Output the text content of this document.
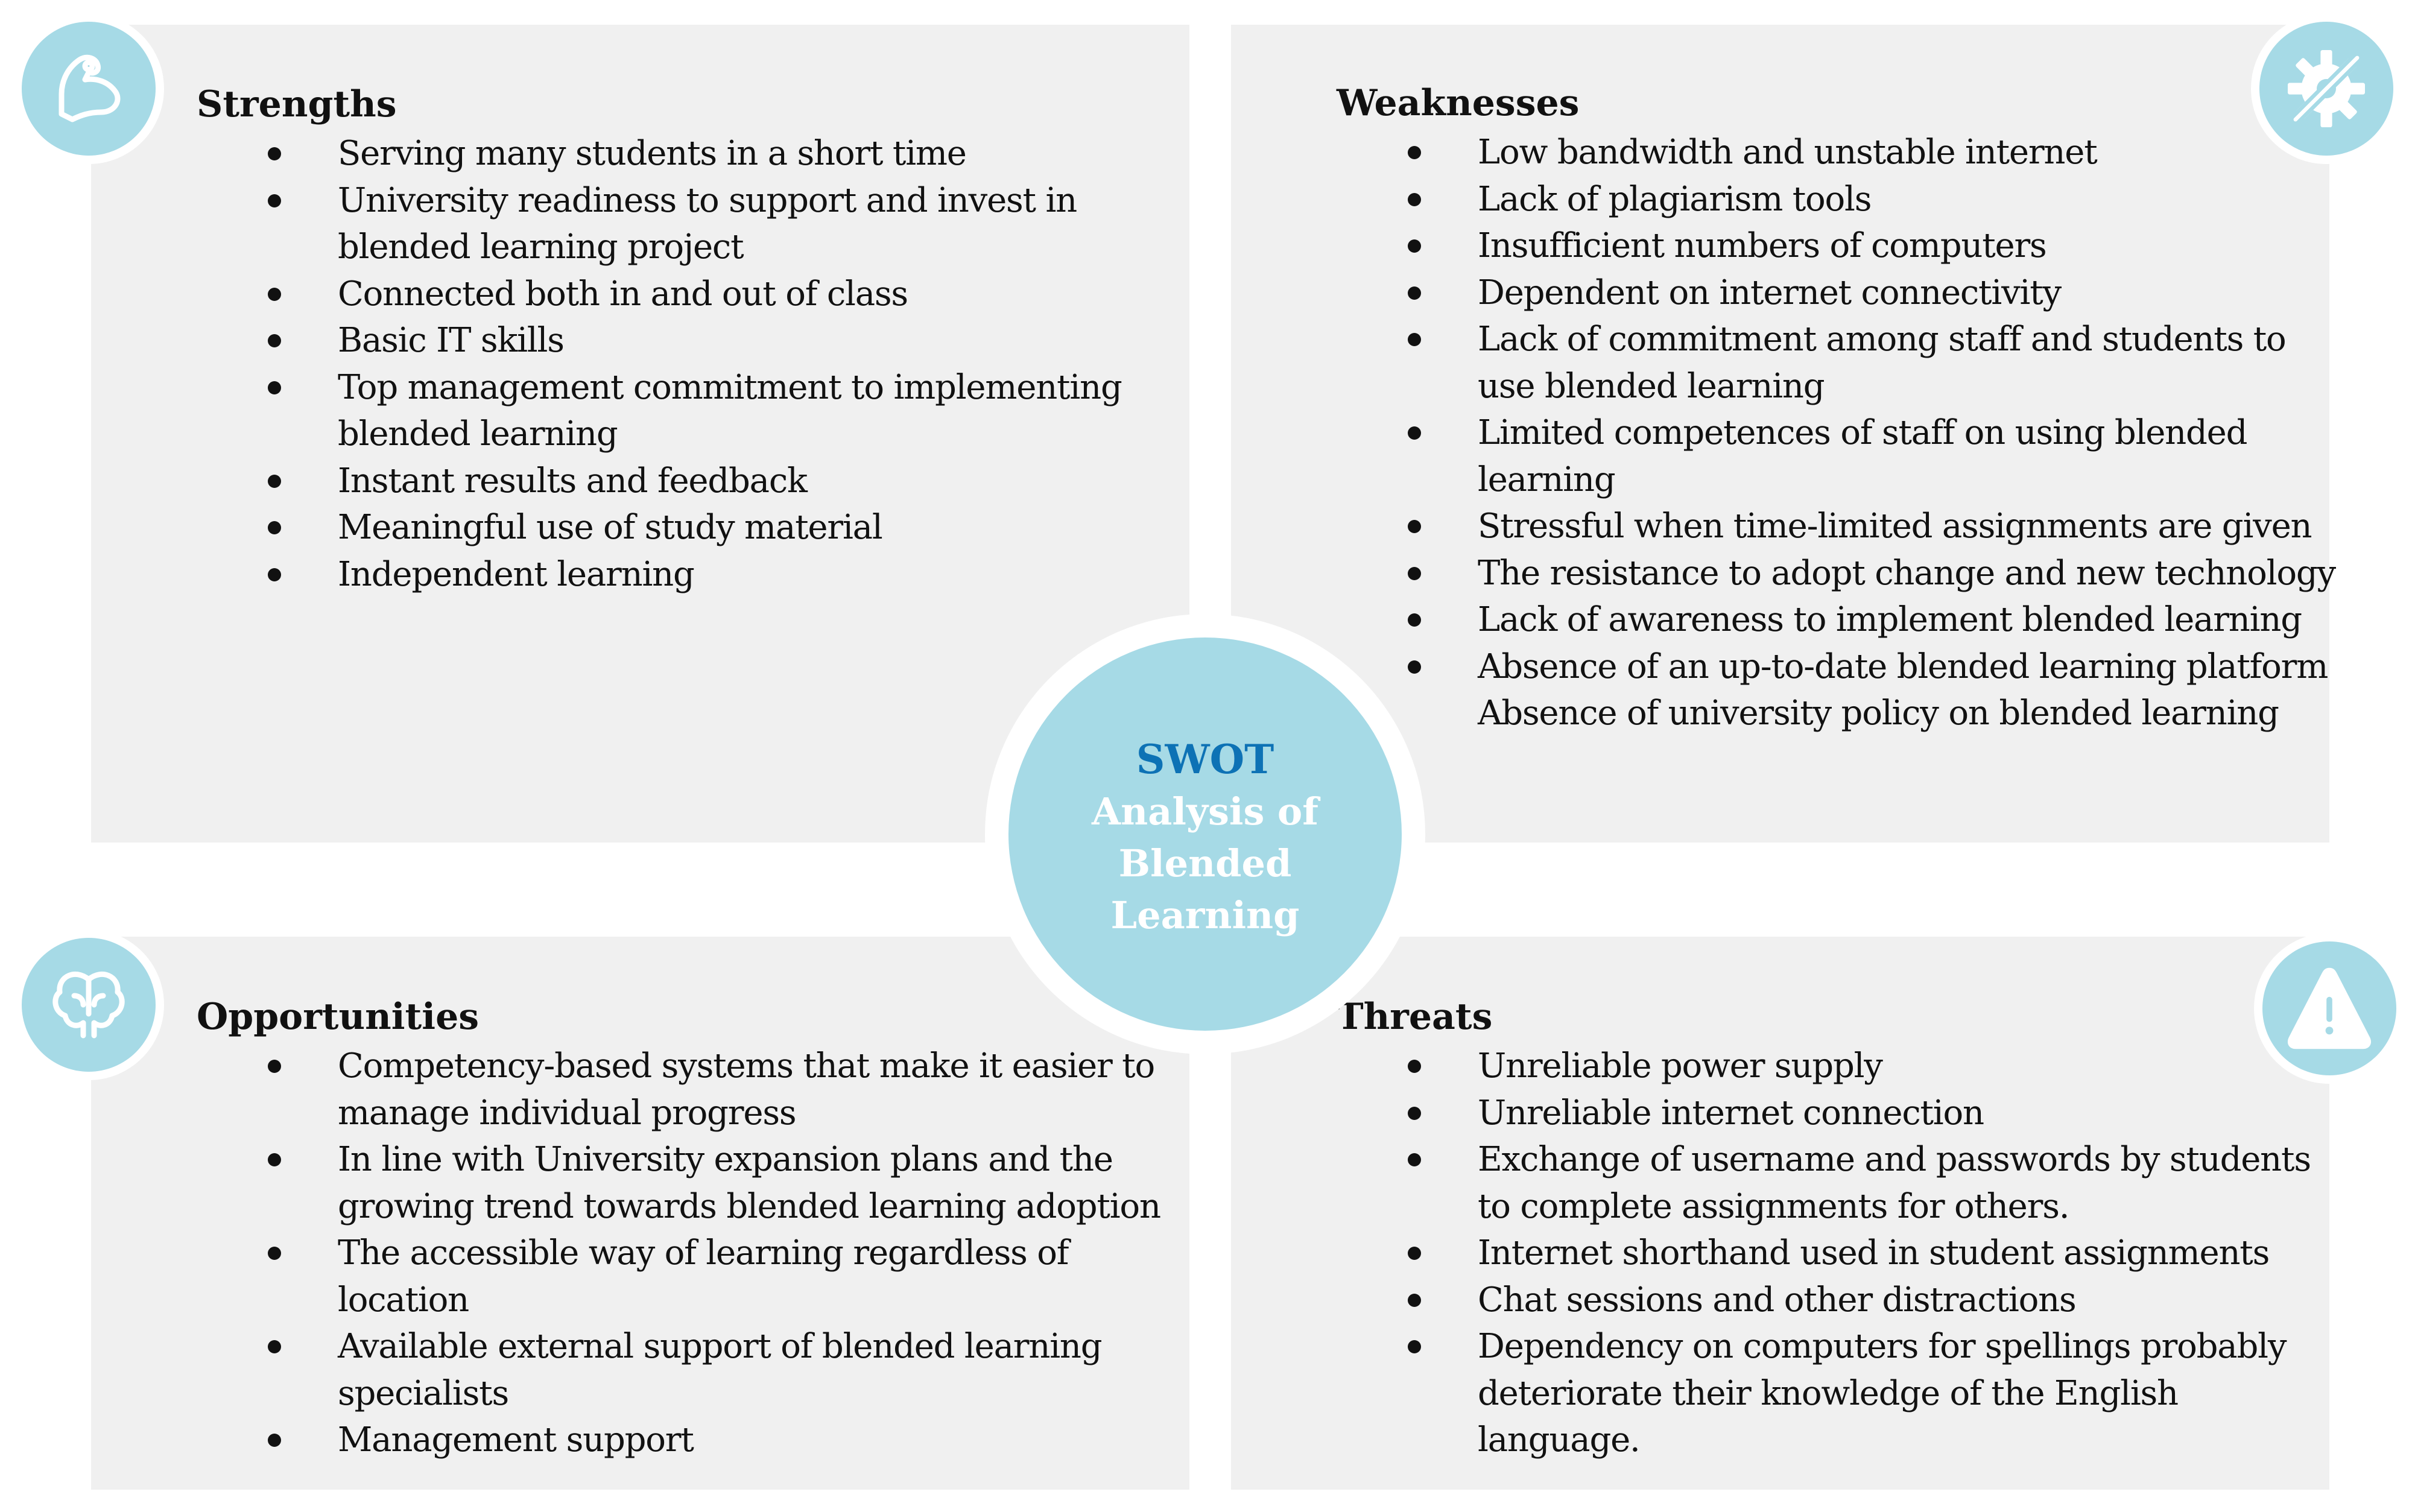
Strengths
Serving many students in a short time
University readiness to support and invest in blended learning project
Connected both in and out of class
Basic IT skills
Top management commitment to implementing blended learning
Instant results and feedback
Meaningful use of study material
Independent learning
Weaknesses
Low bandwidth and unstable internet
Lack of plagiarism tools
Insufficient numbers of computers
Dependent on internet connectivity
Lack of commitment among staff and students to use blended learning
Limited competences of staff on using blended learning
Stressful when time-limited assignments are given
The resistance to adopt change and new technology
Lack of awareness to implement blended learning
Absence of an up-to-date blended learning platform
Absence of university policy on blended learning
Opportunities
Competency-based systems that make it easier to manage individual progress
In line with University expansion plans and the growing trend towards blended learning adoption
The accessible way of learning regardless of location
Available external support of blended learning specialists
Management support
Threats
Unreliable power supply
Unreliable internet connection
Exchange of username and passwords by students to complete assignments for others.
Internet shorthand used in student assignments
Chat sessions and other distractions
Dependency on computers for spellings probably deteriorate their knowledge of the English language.
SWOT
Analysis of Blended Learning
